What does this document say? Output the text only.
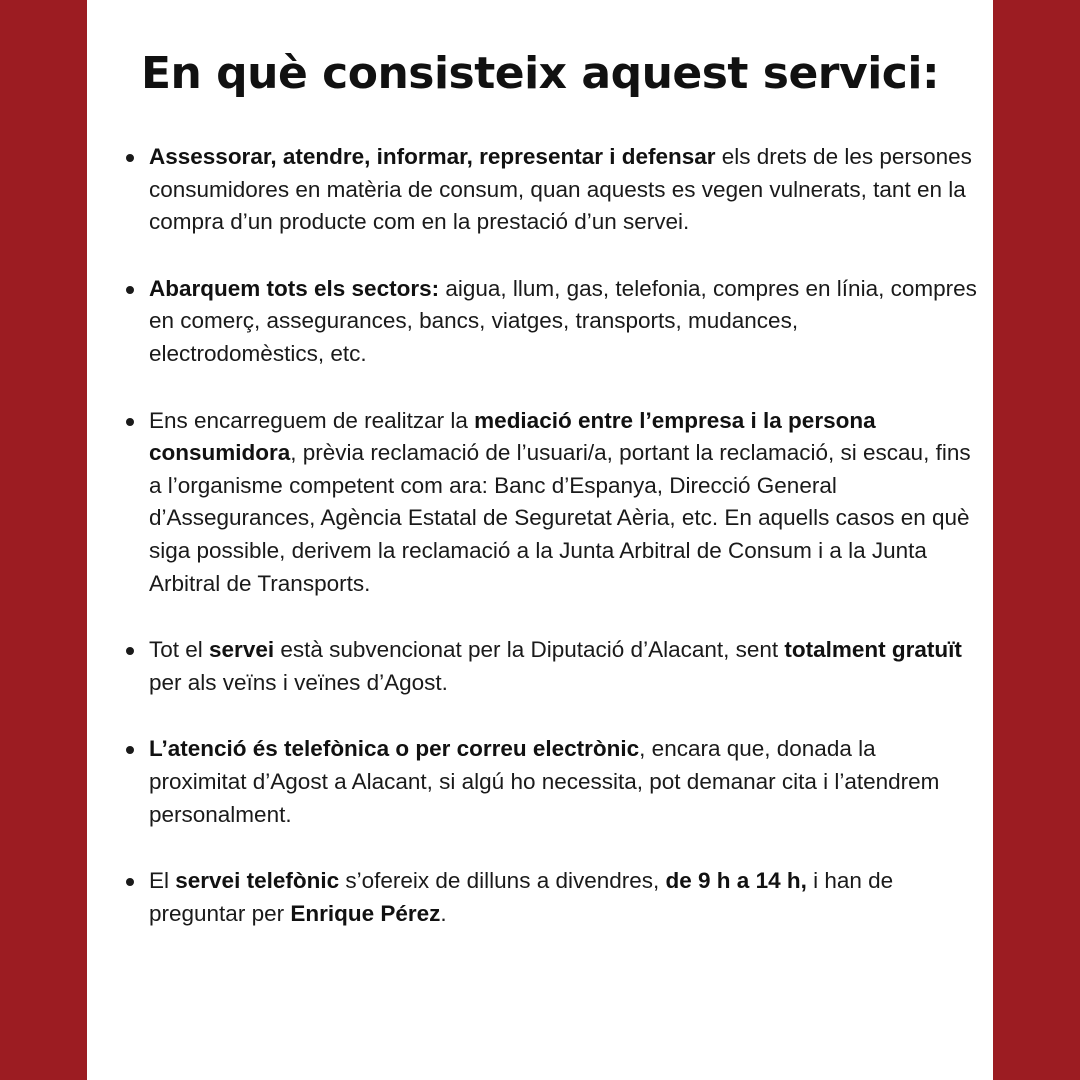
En què consisteix aquest servici:
Assessorar, atendre, informar, representar i defensar els drets de les persones consumidores en matèria de consum, quan aquests es vegen vulnerats, tant en la compra d’un producte com en la prestació d’un servei.
Abarquem tots els sectors: aigua, llum, gas, telefonia, compres en línia, compres en comerç, assegurances, bancs, viatges, transports, mudances, electrodomèstics, etc.
Ens encarreguem de realitzar la mediació entre l’empresa i la persona consumidora, prèvia reclamació de l’usuari/a, portant la reclamació, si escau, fins a l’organisme competent com ara: Banc d’Espanya, Direcció General d’Assegurances, Agència Estatal de Seguretat Aèria, etc. En aquells casos en què siga possible, derivem la reclamació a la Junta Arbitral de Consum i a la Junta Arbitral de Transports.
Tot el servei està subvencionat per la Diputació d’Alacant, sent totalment gratuït per als veïns i veïnes d’Agost.
L’atenció és telefònica o per correu electrònic, encara que, donada la proximitat d’Agost a Alacant, si algú ho necessita, pot demanar cita i l’atendrem personalment.
El servei telefònic s’ofereix de dilluns a divendres, de 9 h a 14 h, i han de preguntar per Enrique Pérez.
